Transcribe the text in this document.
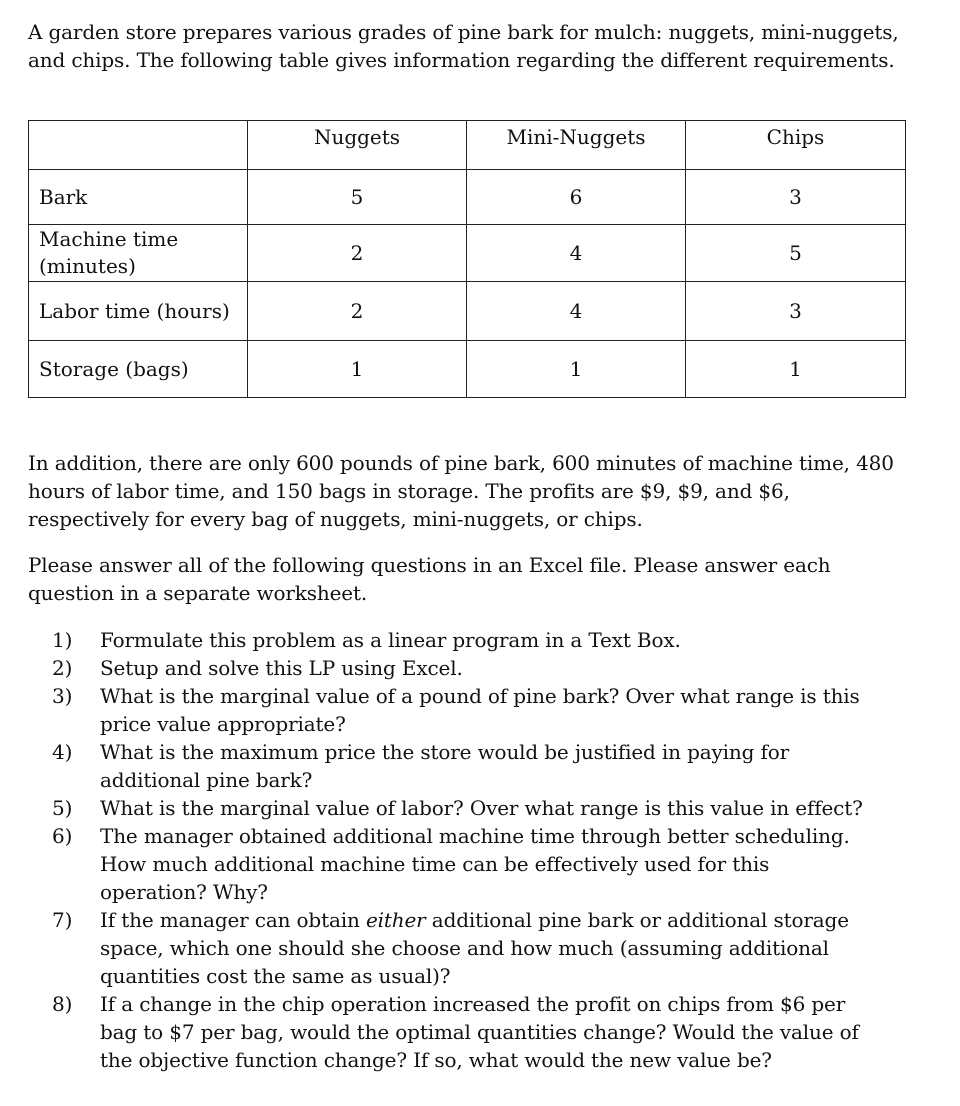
A garden store prepares various grades of pine bark for mulch: nuggets, mini-nuggets, and chips. The following table gives information regarding the different requirements.

	Nuggets	Mini-Nuggets	Chips
Bark	5	6	3
Machine time (minutes)	2	4	5
Labor time (hours)	2	4	3
Storage (bags)	1	1	1

In addition, there are only 600 pounds of pine bark, 600 minutes of machine time, 480 hours of labor time, and 150 bags in storage. The profits are $9, $9, and $6, respectively for every bag of nuggets, mini-nuggets, or chips.

Please answer all of the following questions in an Excel file. Please answer each question in a separate worksheet.

1) Formulate this problem as a linear program in a Text Box.
2) Setup and solve this LP using Excel.
3) What is the marginal value of a pound of pine bark? Over what range is this price value appropriate?
4) What is the maximum price the store would be justified in paying for additional pine bark?
5) What is the marginal value of labor? Over what range is this value in effect?
6) The manager obtained additional machine time through better scheduling. How much additional machine time can be effectively used for this operation? Why?
7) If the manager can obtain either additional pine bark or additional storage space, which one should she choose and how much (assuming additional quantities cost the same as usual)?
8) If a change in the chip operation increased the profit on chips from $6 per bag to $7 per bag, would the optimal quantities change? Would the value of the objective function change? If so, what would the new value be?
